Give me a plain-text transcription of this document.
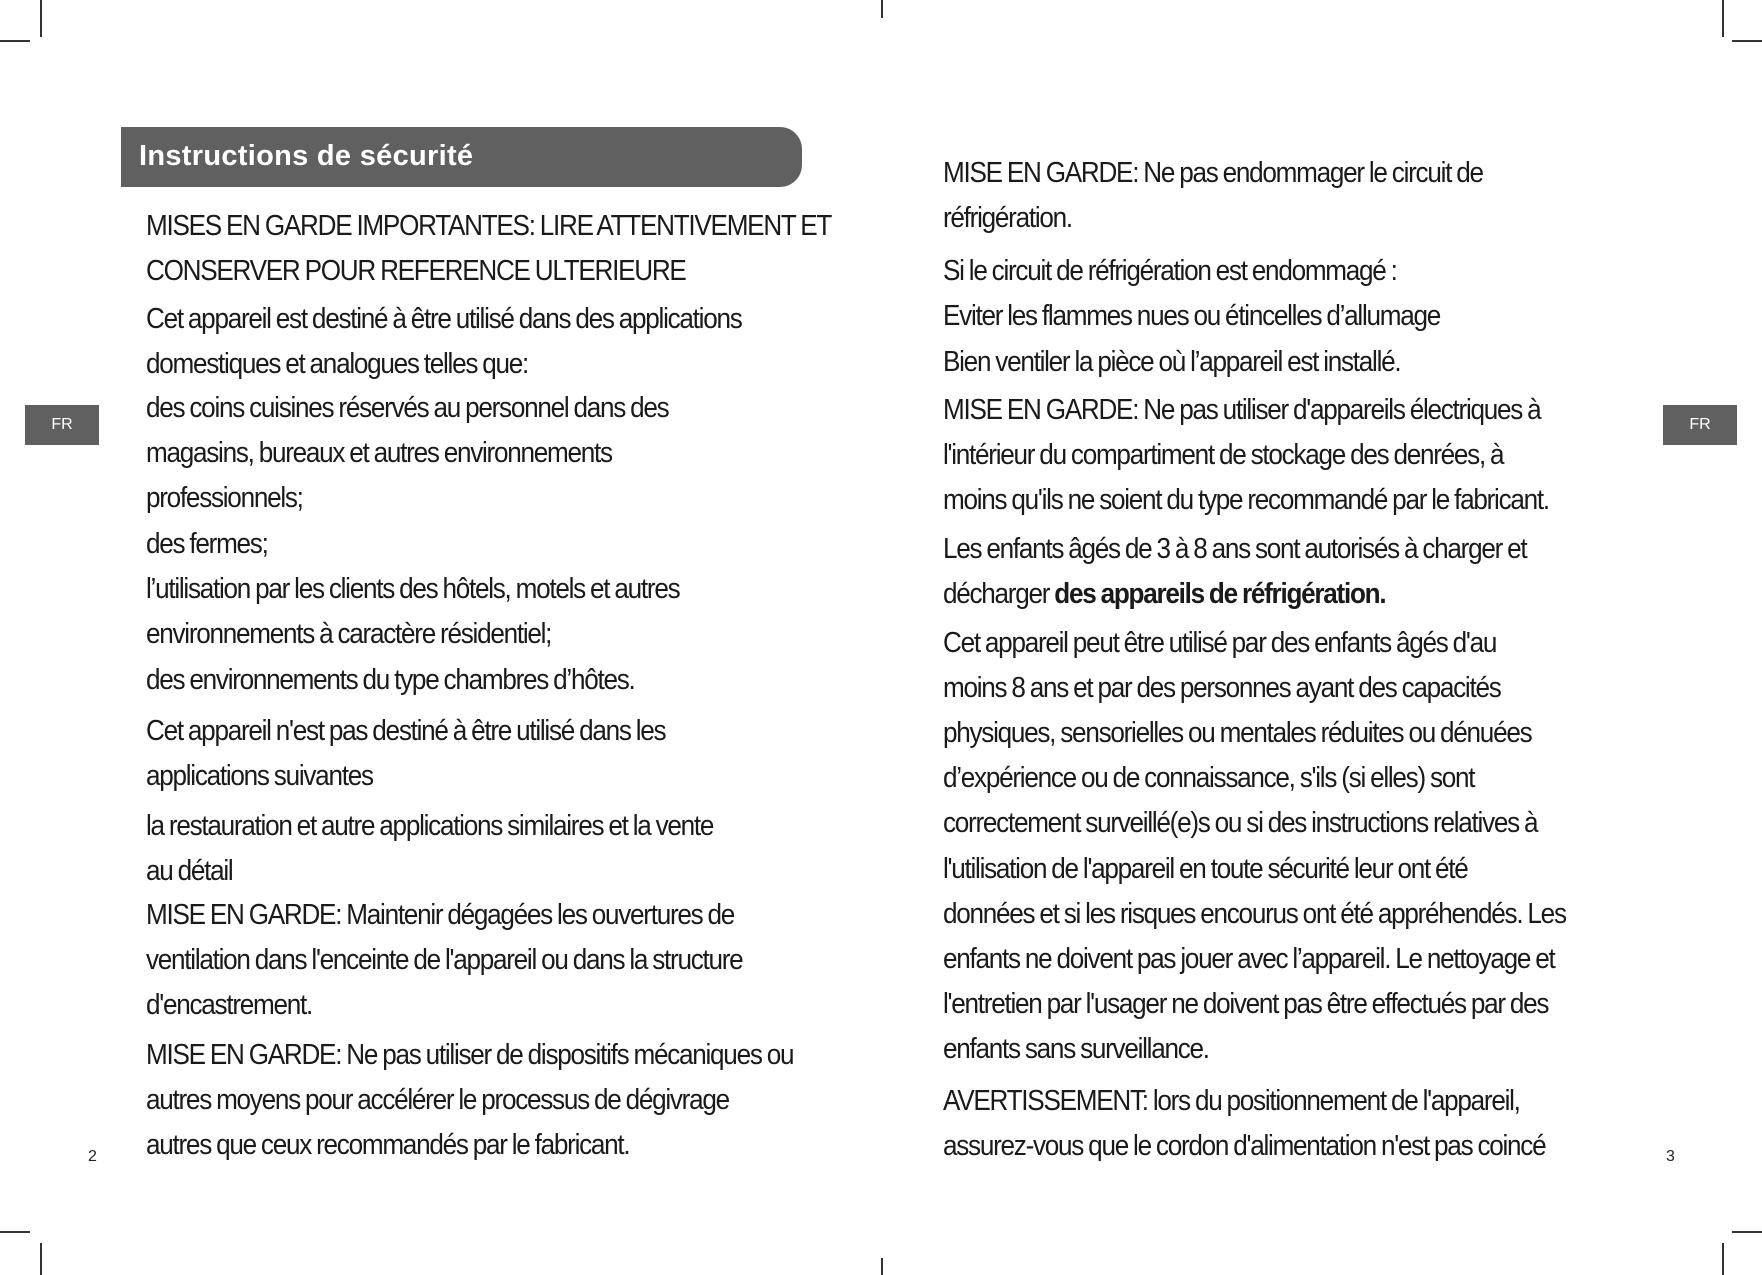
Instructions de sécurité
FR	FR
MISES EN GARDE IMPORTANTES: LIRE ATTENTIVEMENT ET
CONSERVER POUR REFERENCE ULTERIEURE
Cet appareil est destiné à être utilisé dans des applications
domestiques et analogues telles que:
des coins cuisines réservés au personnel dans des
magasins, bureaux et autres environnements
professionnels;
des fermes;
l’utilisation par les clients des hôtels, motels et autres
environnements à caractère résidentiel;
des environnements du type chambres d’hôtes.
Cet appareil n'est pas destiné à être utilisé dans les
applications suivantes
la restauration et autre applications similaires et la vente
au détail
MISE EN GARDE: Maintenir dégagées les ouvertures de
ventilation dans l'enceinte de l'appareil ou dans la structure
d'encastrement.
MISE EN GARDE: Ne pas utiliser de dispositifs mécaniques ou
autres moyens pour accélérer le processus de dégivrage
autres que ceux recommandés par le fabricant.
MISE EN GARDE: Ne pas endommager le circuit de
réfrigération.
Si le circuit de réfrigération est endommagé :
Eviter les flammes nues ou étincelles d’allumage
Bien ventiler la pièce où l’appareil est installé.
MISE EN GARDE: Ne pas utiliser d'appareils électriques à
l'intérieur du compartiment de stockage des denrées, à
moins qu'ils ne soient du type recommandé par le fabricant.
Les enfants âgés de 3 à 8 ans sont autorisés à charger et
décharger des appareils de réfrigération.
Cet appareil peut être utilisé par des enfants âgés d'au
moins 8 ans et par des personnes ayant des capacités
physiques, sensorielles ou mentales réduites ou dénuées
d’expérience ou de connaissance, s'ils (si elles) sont
correctement surveillé(e)s ou si des instructions relatives à
l'utilisation de l'appareil en toute sécurité leur ont été
données et si les risques encourus ont été appréhendés. Les
enfants ne doivent pas jouer avec l’appareil. Le nettoyage et
l'entretien par l'usager ne doivent pas être effectués par des
enfants sans surveillance.
AVERTISSEMENT: lors du positionnement de l'appareil,
assurez-vous que le cordon d'alimentation n'est pas coincé
2	3
